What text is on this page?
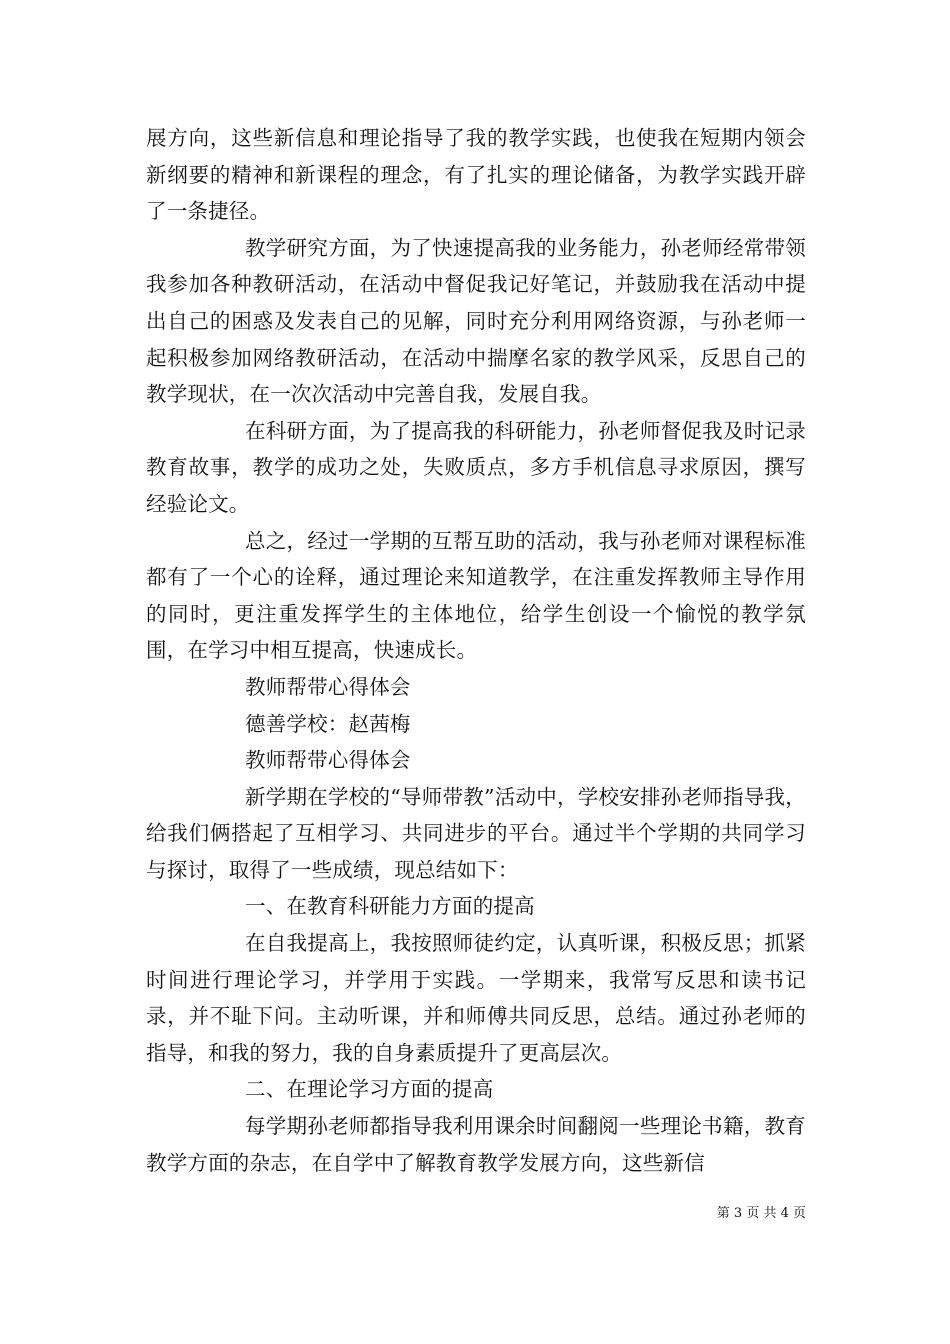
展方向，这些新信息和理论指导了我的教学实践，也使我在短期内领会新纲要的精神和新课程的理念，有了扎实的理论储备，为教学实践开辟了一条捷径。

教学研究方面，为了快速提高我的业务能力，孙老师经常带领我参加各种教研活动，在活动中督促我记好笔记，并鼓励我在活动中提出自己的困惑及发表自己的见解，同时充分利用网络资源，与孙老师一起积极参加网络教研活动，在活动中揣摩名家的教学风采，反思自己的教学现状，在一次次活动中完善自我，发展自我。

在科研方面，为了提高我的科研能力，孙老师督促我及时记录教育故事，教学的成功之处，失败质点，多方手机信息寻求原因，撰写经验论文。

总之，经过一学期的互帮互助的活动，我与孙老师对课程标准都有了一个心的诠释，通过理论来知道教学，在注重发挥教师主导作用的同时，更注重发挥学生的主体地位，给学生创设一个愉悦的教学氛围，在学习中相互提高，快速成长。

教师帮带心得体会

德善学校：赵茜梅

教师帮带心得体会

新学期在学校的“导师带教”活动中，学校安排孙老师指导我，给我们俩搭起了互相学习、共同进步的平台。通过半个学期的共同学习与探讨，取得了一些成绩，现总结如下：

一、在教育科研能力方面的提高

在自我提高上，我按照师徒约定，认真听课，积极反思；抓紧时间进行理论学习，并学用于实践。一学期来，我常写反思和读书记录，并不耻下问。主动听课，并和师傅共同反思，总结。通过孙老师的指导，和我的努力，我的自身素质提升了更高层次。

二、在理论学习方面的提高

每学期孙老师都指导我利用课余时间翻阅一些理论书籍，教育教学方面的杂志，在自学中了解教育教学发展方向，这些新信

第 3 页 共 4 页
